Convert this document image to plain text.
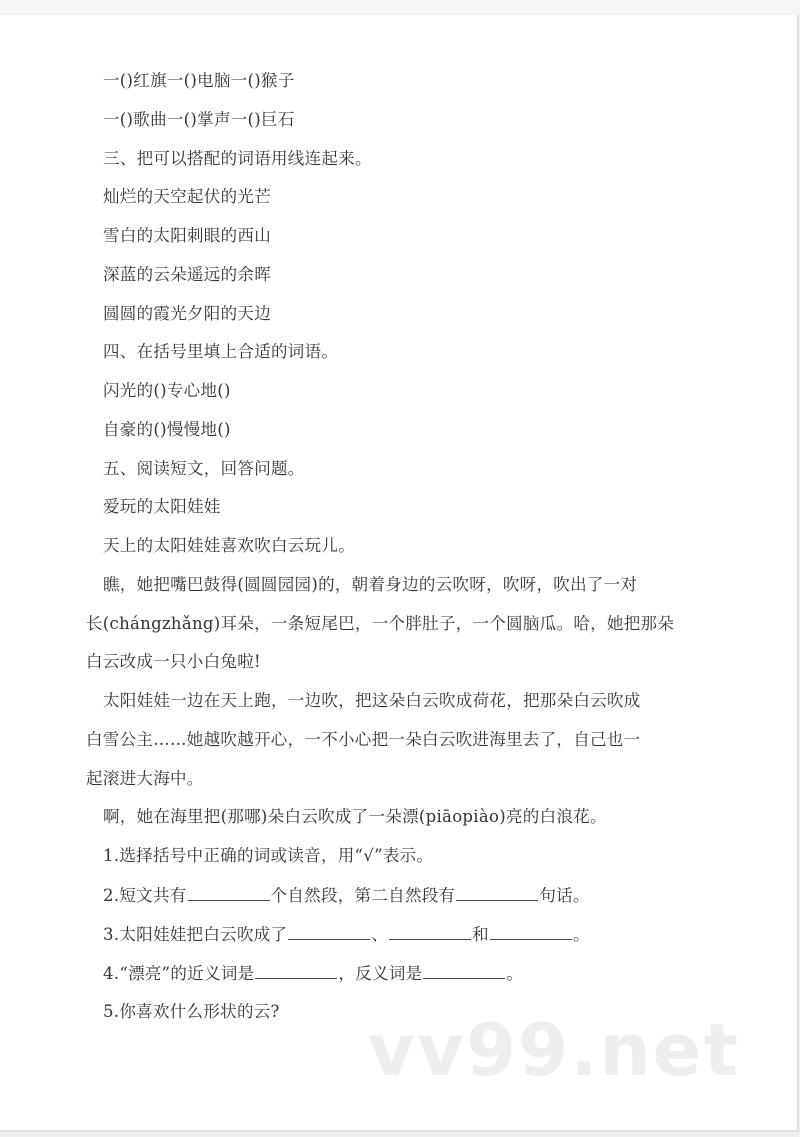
一()红旗一()电脑一()猴子
一()歌曲一()掌声一()巨石
三、把可以搭配的词语用线连起来。
灿烂的天空起伏的光芒
雪白的太阳刺眼的西山
深蓝的云朵遥远的余晖
圆圆的霞光夕阳的天边
四、在括号里填上合适的词语。
闪光的()专心地()
自豪的()慢慢地()
五、阅读短文，回答问题。
爱玩的太阳娃娃
天上的太阳娃娃喜欢吹白云玩儿。
瞧，她把嘴巴鼓得(圆圆园园)的，朝着身边的云吹呀，吹呀，吹出了一对
长(chángzhǎng)耳朵，一条短尾巴，一个胖肚子，一个圆脑瓜。哈，她把那朵
白云改成一只小白兔啦!
太阳娃娃一边在天上跑，一边吹，把这朵白云吹成荷花，把那朵白云吹成
白雪公主……她越吹越开心，一不小心把一朵白云吹进海里去了，自己也一
起滚进大海中。
啊，她在海里把(那哪)朵白云吹成了一朵漂(piāopiào)亮的白浪花。
1.选择括号中正确的词或读音，用“√”表示。
2.短文共有	个自然段，第二自然段有	句话。
3.太阳娃娃把白云吹成了	、	和	。
4.“漂亮”的近义词是	，反义词是	。
5.你喜欢什么形状的云? vv99.net
